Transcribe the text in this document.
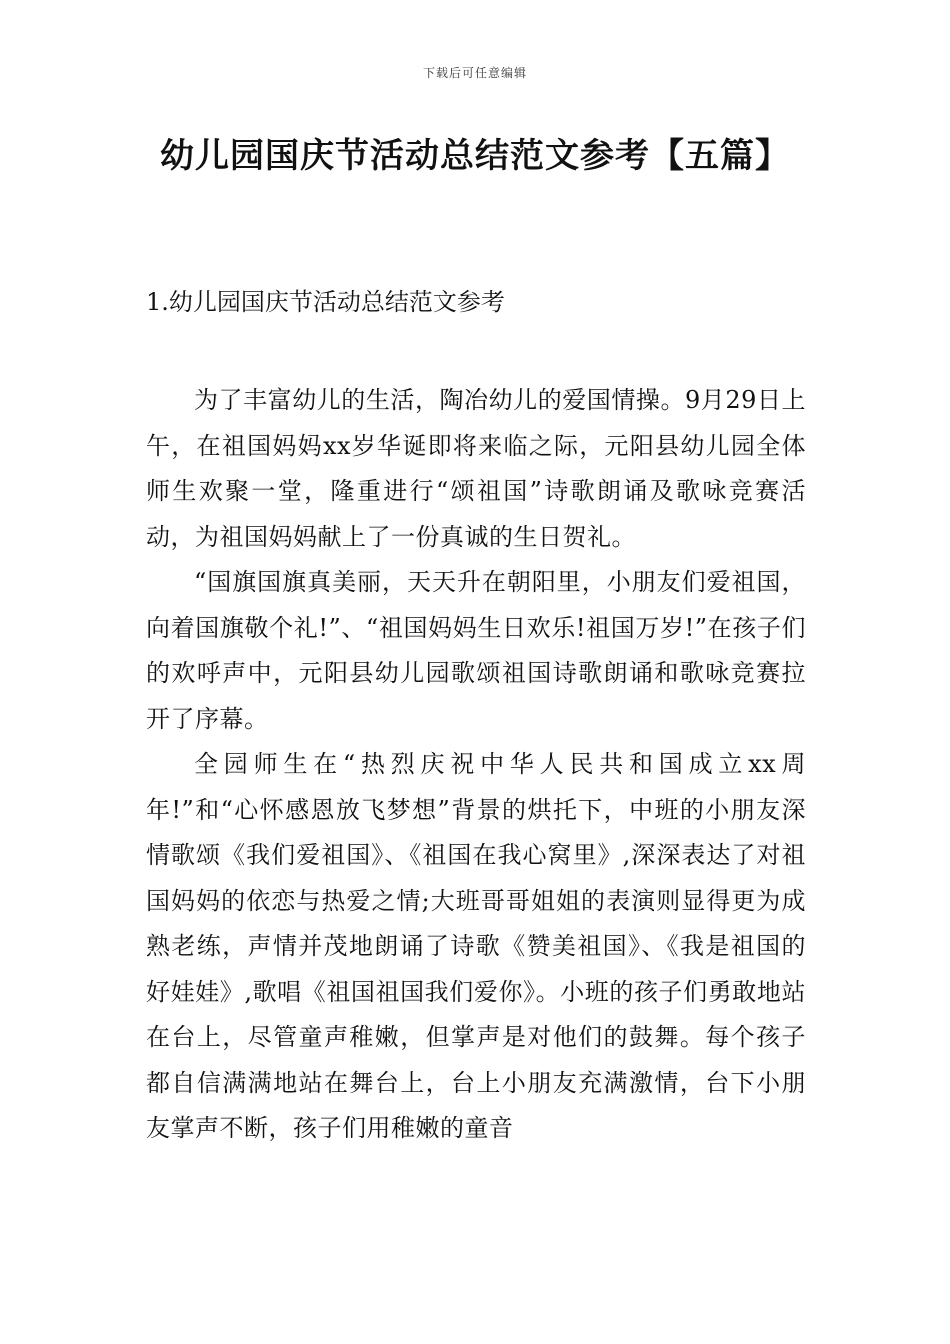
下载后可任意编辑
幼儿园国庆节活动总结范文参考【五篇】
1.幼儿园国庆节活动总结范文参考

为了丰富幼儿的生活，陶冶幼儿的爱国情操。9月29日上午，在祖国妈妈xx岁华诞即将来临之际，元阳县幼儿园全体师生欢聚一堂，隆重进行“颂祖国”诗歌朗诵及歌咏竞赛活动，为祖国妈妈献上了一份真诚的生日贺礼。

“国旗国旗真美丽，天天升在朝阳里，小朋友们爱祖国，向着国旗敬个礼!”、“祖国妈妈生日欢乐!祖国万岁!”在孩子们的欢呼声中，元阳县幼儿园歌颂祖国诗歌朗诵和歌咏竞赛拉开了序幕。

全园师生在“热烈庆祝中华人民共和国成立xx周年!”和“心怀感恩放飞梦想”背景的烘托下，中班的小朋友深情歌颂《我们爱祖国》、《祖国在我心窝里》,深深表达了对祖国妈妈的依恋与热爱之情;大班哥哥姐姐的表演则显得更为成熟老练，声情并茂地朗诵了诗歌《赞美祖国》、《我是祖国的好娃娃》,歌唱《祖国祖国我们爱你》。小班的孩子们勇敢地站在台上，尽管童声稚嫩，但掌声是对他们的鼓舞。每个孩子都自信满满地站在舞台上，台上小朋友充满激情，台下小朋友掌声不断，孩子们用稚嫩的童音
